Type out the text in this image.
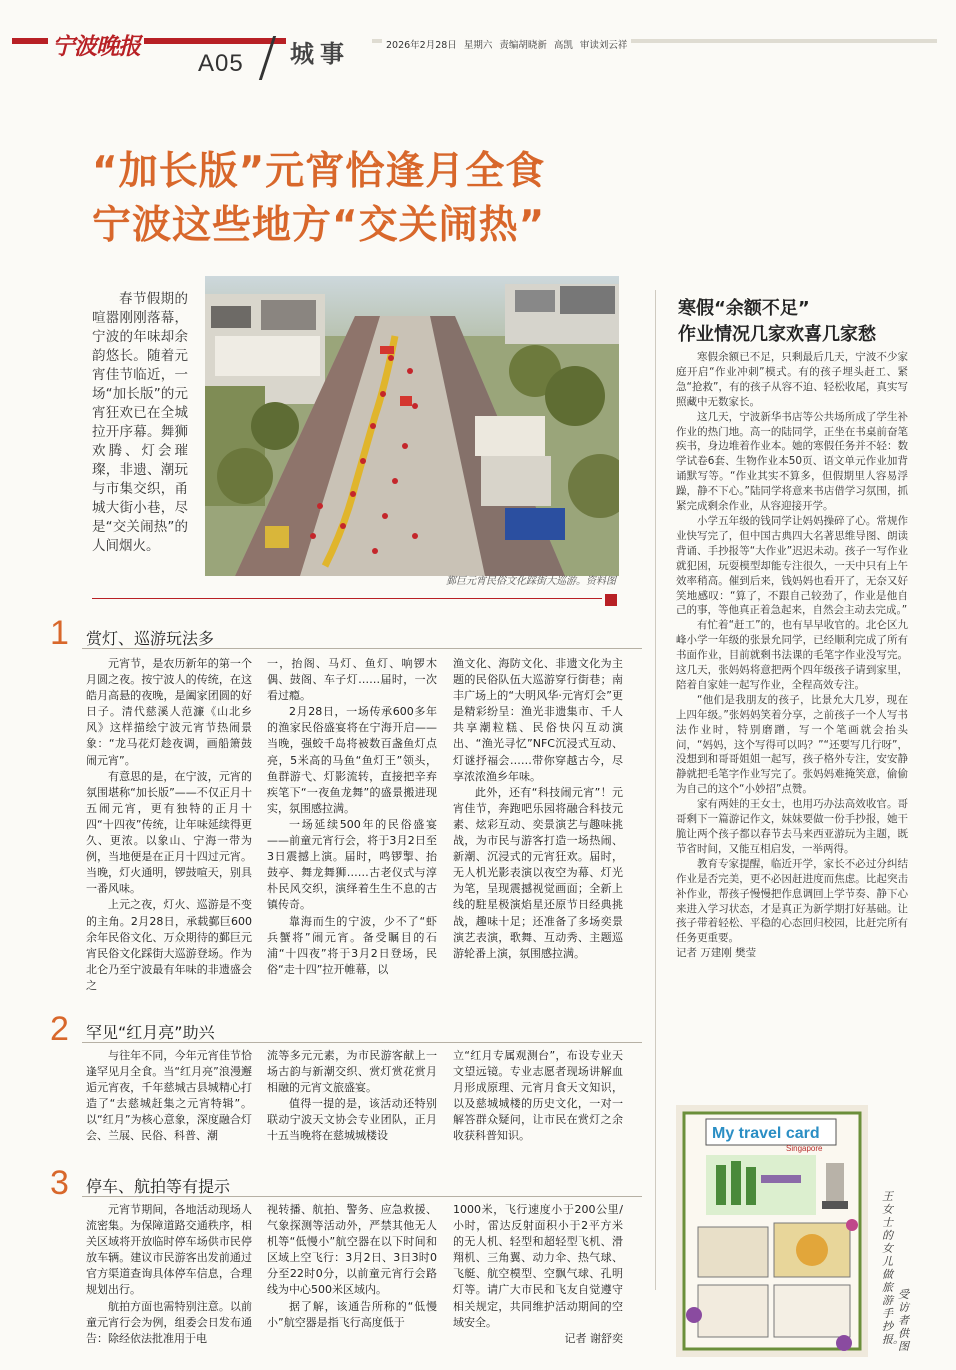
宁波晚报
A05 城事	2026年2月28日 星期六 责编胡晓新 高凯 审读刘云祥
“加长版”元宵恰逢月全食
宁波这些地方“交关闹热”
春节假期的喧嚣刚刚落幕，宁波的年味却余韵悠长。随着元宵佳节临近，一场“加长版”的元宵狂欢已在全城拉开序幕。舞狮欢腾、灯会璀璨，非遗、潮玩与市集交织，甬城大街小巷，尽是“交关闹热”的人间烟火。
鄞巨元宵民俗文化踩街大巡游。资料图
1 赏灯、巡游玩法多

元宵节，是农历新年的第一个月圆之夜。按宁波人的传统，在这皓月高悬的夜晚，是阖家团圆的好日子。清代慈溪人范濂《山北乡风》这样描绘宁波元宵节热闹景象：“龙马花灯趁夜调，画船箫鼓闹元宵”。

有意思的是，在宁波，元宵的氛围堪称“加长版”——不仅正月十五闹元宵，更有独特的正月十四“十四夜”传统，让年味延续得更久、更浓。以象山、宁海一带为例，当地便是在正月十四过元宵。当晚，灯火通明，锣鼓喧天，别具一番风味。

上元之夜，灯火、巡游是不变的主角。2月28日，承载鄞巨600余年民俗文化、万众期待的鄞巨元宵民俗文化踩街大巡游登场。作为北仑乃至宁波最有年味的非遗盛会之

一，抬阁、马灯、鱼灯、响锣木偶、鼓阁、车子灯……届时，一次看过瘾。

2月28日，一场传承600多年的渔家民俗盛宴将在宁海开启——当晚，强蛟千岛将被数百盏鱼灯点亮，5米高的马鱼“鱼灯王”领头，鱼群游弋、灯影流转，直接把辛弃疾笔下“一夜鱼龙舞”的盛景搬进现实，氛围感拉满。

一场延续500年的民俗盛宴——前童元宵行会，将于3月2日至3日震撼上演。届时，鸣锣掣、抬鼓亭、舞龙舞狮……古老仪式与淳朴民风交织，演绎着生生不息的古镇传奇。

靠海而生的宁波，少不了“虾兵蟹将”闹元宵。备受瞩目的石浦“十四夜”将于3月2日登场，民俗“走十四”拉开帷幕，以

渔文化、海防文化、非遗文化为主题的民俗队伍大巡游穿行街巷；南丰广场上的“大明风华·元宵灯会”更是精彩纷呈：渔光非遗集市、千人共享潮粒糕、民俗快闪互动演出、“渔光寻忆”NFC沉浸式互动、灯谜抒福会……带你穿越古今，尽享浓浓渔乡年味。

此外，还有“科技闹元宵”！元宵佳节，奔跑吧乐园将融合科技元素、炫彩互动、奕景演艺与趣味挑战，为市民与游客打造一场热闹、新潮、沉浸式的元宵狂欢。届时，无人机光影表演以夜空为幕、灯光为笔，呈现震撼视觉画面；全新上线的駐星极演焰星还原节日经典挑战，趣味十足；还准备了多场奕景演艺表演，歌舞、互动秀、主题巡游轮番上演，氛围感拉满。

2 罕见“红月亮”助兴

与往年不同，今年元宵佳节恰逢罕见月全食。当“红月亮”浪漫邂逅元宵夜，千年慈城古县城精心打造了“去慈城赶集之元宵特辑”。以“红月”为核心意象，深度融合灯会、兰展、民俗、科普、潮

流等多元元素，为市民游客献上一场古韵与新潮交织、赏灯赏花赏月相融的元宵文旅盛宴。

值得一提的是，该活动还特别联动宁波天文协会专业团队，正月十五当晚将在慈城城楼设

立“红月专属观测台”，布设专业天文望远镜。专业志愿者现场讲解血月形成原理、元宵月食天文知识，以及慈城城楼的历史文化，一对一解答群众疑问，让市民在赏灯之余收获科普知识。

3 停车、航拍等有提示

元宵节期间，各地活动现场人流密集。为保障道路交通秩序，相关区域将开放临时停车场供市民停放车辆。建议市民游客出发前通过官方渠道查询具体停车信息，合理规划出行。

航拍方面也需特别注意。以前童元宵行会为例，组委会日发布通告：除经依法批准用于电

视转播、航拍、警务、应急救援、气象探测等活动外，严禁其他无人机等“低慢小”航空器在以下时间和区域上空飞行：3月2日、3日3时0分至22时0分，以前童元宵行会路线为中心500米区域内。

据了解，该通告所称的“低慢小”航空器是指飞行高度低于

1000米，飞行速度小于200公里/小时，雷达反射面积小于2平方米的无人机、轻型和超轻型飞机、滑翔机、三角翼、动力伞、热气球、飞艇、航空模型、空飘气球、孔明灯等。请广大市民和飞友自觉遵守相关规定，共同维护活动期间的空域安全。

记者 谢舒奕

寒假“余额不足”
作业情况几家欢喜几家愁

寒假余额已不足，只剩最后几天，宁波不少家庭开启“作业冲刺”模式。有的孩子埋头赶工、紧急“抢救”，有的孩子从容不迫、轻松收尾，真实写照藏中无数家长。

这几天，宁波新华书店等公共场所成了学生补作业的热门地。高一的陆同学，正坐在书桌前奋笔疾书，身边堆着作业本。她的寒假任务并不轻：数学试卷6套、生物作业本50页、语文单元作业加背诵默写等。“作业其实不算多，但假期里人容易浮躁，静不下心。”陆同学将意来书店借学习氛围，抓紧完成剩余作业，从容迎接开学。

小学五年级的钱同学让妈妈操碎了心。常规作业快写完了，但中国古典四大名著思维导图、朗读背诵、手抄报等“大作业”迟迟未动。孩子一写作业就犯困，玩耍模型却能专注很久，一天中只有上午效率稍高。催到后来，钱妈妈也看开了，无奈又好笑地感叹：“算了，不跟自己较劲了，作业是他自己的事，等他真正着急起来，自然会主动去完成。”

有忙着“赶工”的，也有早早收官的。北仑区九峰小学一年级的张景允同学，已经顺利完成了所有书面作业，目前就剩书法课的毛笔字作业没写完。这几天，张妈妈将意把两个四年级孩子请到家里，陪着自家娃一起写作业，全程高效专注。

“他们是我朋友的孩子，比景允大几岁，现在上四年级。”张妈妈笑着分享，之前孩子一个人写书法作业时，特别磨蹭，写一个笔画就会抬头问，“妈妈，这个写得可以吗？”“还要写几行呀”，没想到和哥哥姐姐一起写，孩子格外专注，安安静静就把毛笔字作业写完了。张妈妈难掩笑意，偷偷为自己的这个“小妙招”点赞。

家有两娃的王女士，也用巧办法高效收官。哥哥剩下一篇游记作文，妹妹要做一份手抄报，她干脆让两个孩子都以春节去马来西亚游玩为主题，既节省时间，又能互相启发，一举两得。

教育专家提醒，临近开学，家长不必过分纠结作业是否完美，更不必因赶进度而焦虑。比起突击补作业，帮孩子慢慢把作息调回上学节奏、静下心来进入学习状态，才是真正为新学期打好基础。让孩子带着轻松、平稳的心态回归校园，比赶完所有任务更重要。

记者 万建刚 樊莹

My travel card
Singapore
王女士的女儿做旅游手抄报。
受访者供图
